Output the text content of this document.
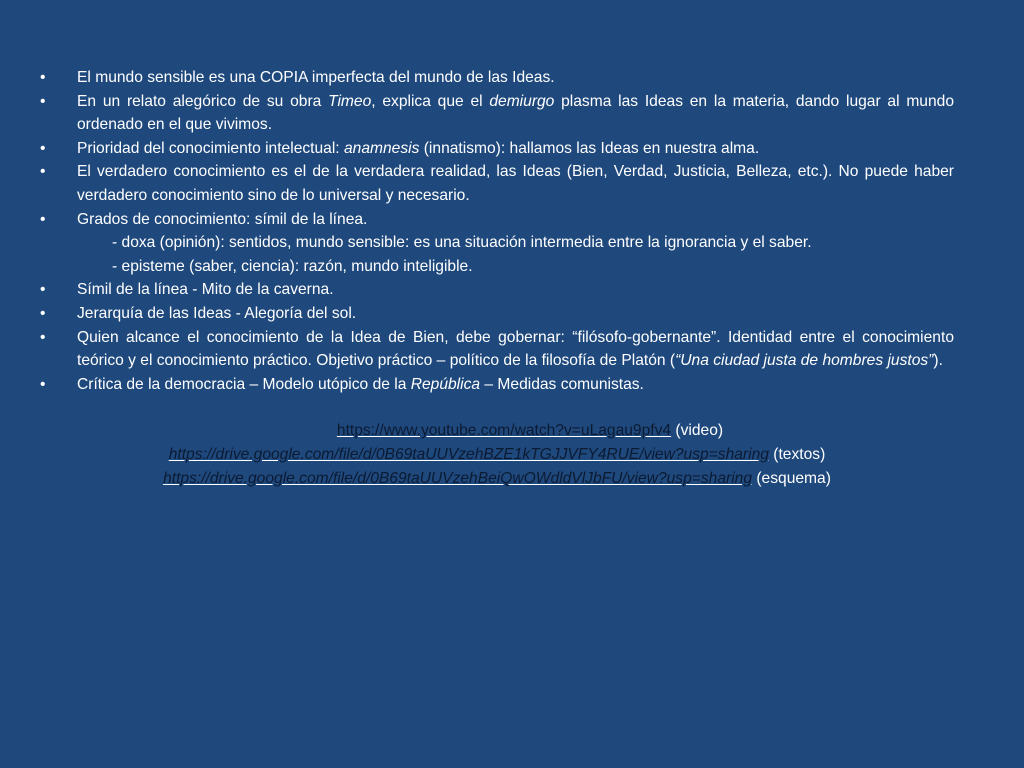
• El mundo sensible es una COPIA imperfecta del mundo de las Ideas.
• En un relato alegórico de su obra Timeo, explica que el demiurgo plasma las Ideas en la materia, dando lugar al mundo ordenado en el que vivimos.
• Prioridad del conocimiento intelectual: anamnesis (innatismo): hallamos las Ideas en nuestra alma.
• El verdadero conocimiento es el de la verdadera realidad, las Ideas (Bien, Verdad, Justicia, Belleza, etc.). No puede haber verdadero conocimiento sino de lo universal y necesario.
• Grados de conocimiento: símil de la línea.
- doxa (opinión): sentidos, mundo sensible: es una situación intermedia entre la ignorancia y el saber.
- episteme (saber, ciencia): razón, mundo inteligible.
• Símil de la línea - Mito de la caverna.
• Jerarquía de las Ideas - Alegoría del sol.
• Quien alcance el conocimiento de la Idea de Bien, debe gobernar: “filósofo-gobernante”. Identidad entre el conocimiento teórico y el conocimiento práctico. Objetivo práctico – político de la filosofía de Platón (“Una ciudad justa de hombres justos”).
• Crítica de la democracia – Modelo utópico de la República – Medidas comunistas.
https://www.youtube.com/watch?v=uLagau9pfv4 (video)
https://drive.google.com/file/d/0B69taUUVzehBZE1kTGJJVFY4RUE/view?usp=sharing (textos)
https://drive.google.com/file/d/0B69taUUVzehBeiQwOWdldVlJbFU/view?usp=sharing (esquema)
